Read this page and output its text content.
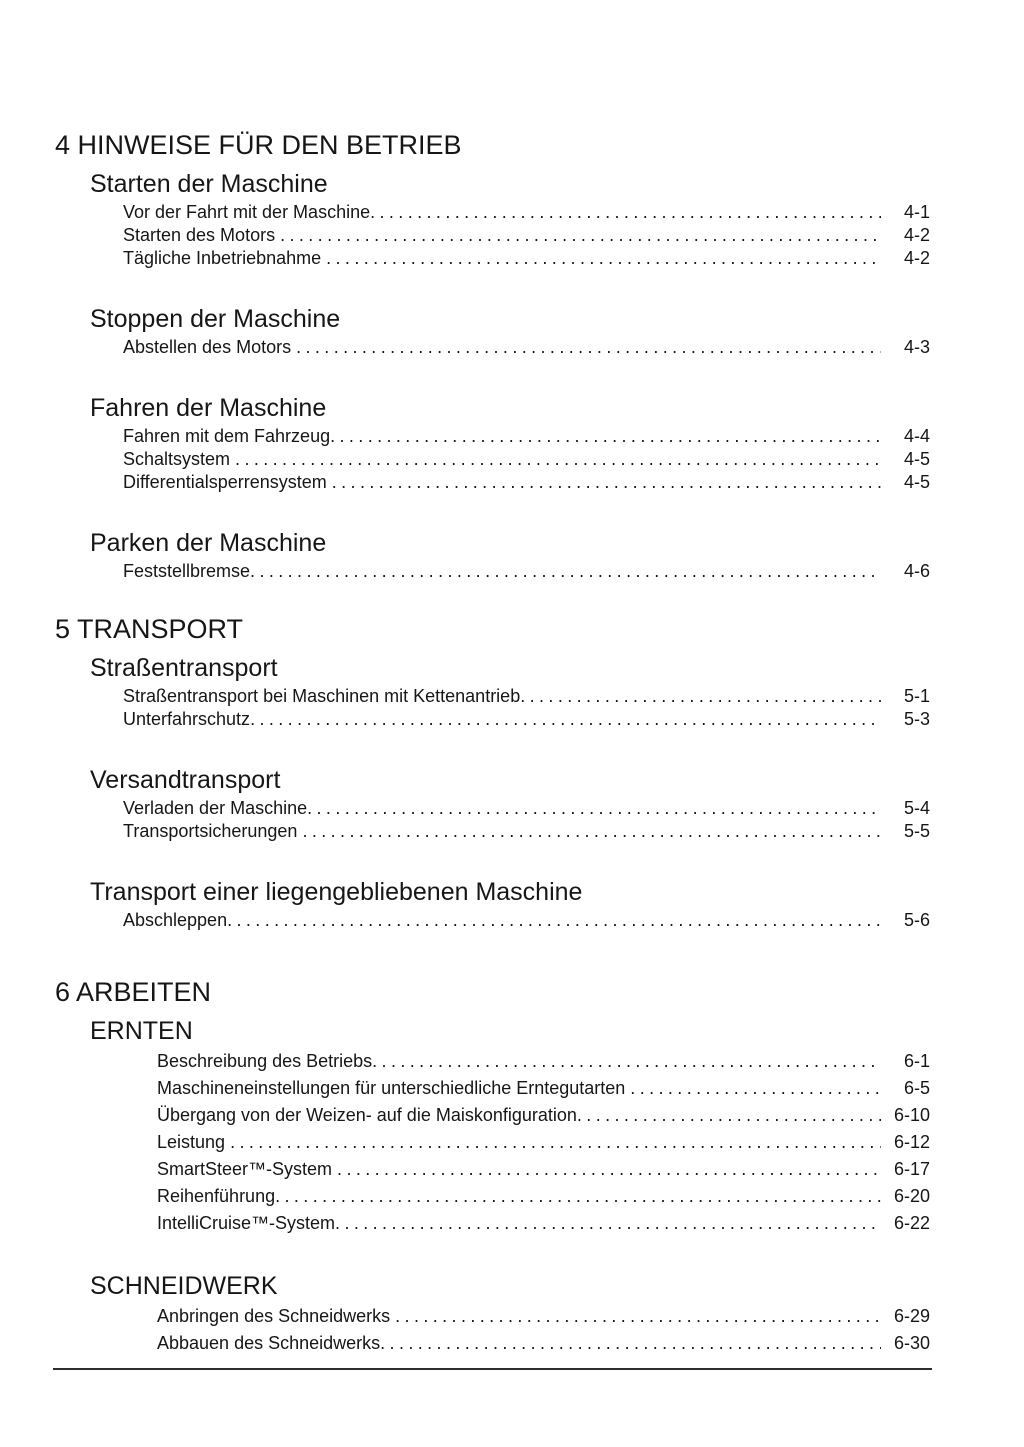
4 HINWEISE FÜR DEN BETRIEB
Starten der Maschine
Vor der Fahrt mit der Maschine .....	4-1
Starten des Motors .....	4-2
Tägliche Inbetriebnahme .....	4-2
Stoppen der Maschine
Abstellen des Motors .....	4-3
Fahren der Maschine
Fahren mit dem Fahrzeug .....	4-4
Schaltsystem .....	4-5
Differentialsperrensystem .....	4-5
Parken der Maschine
Feststellbremse .....	4-6
5 TRANSPORT
Straßentransport
Straßentransport bei Maschinen mit Kettenantrieb .....	5-1
Unterfahrschutz .....	5-3
Versandtransport
Verladen der Maschine .....	5-4
Transportsicherungen .....	5-5
Transport einer liegengebliebenen Maschine
Abschleppen .....	5-6
6 ARBEITEN
ERNTEN
Beschreibung des Betriebs .....	6-1
Maschineneinstellungen für unterschiedliche Erntegutarten .....	6-5
Übergang von der Weizen- auf die Maiskonfiguration .....	6-10
Leistung .....	6-12
SmartSteer™-System .....	6-17
Reihenführung .....	6-20
IntelliCruise™-System .....	6-22
SCHNEIDWERK
Anbringen des Schneidwerks .....	6-29
Abbauen des Schneidwerks .....	6-30
